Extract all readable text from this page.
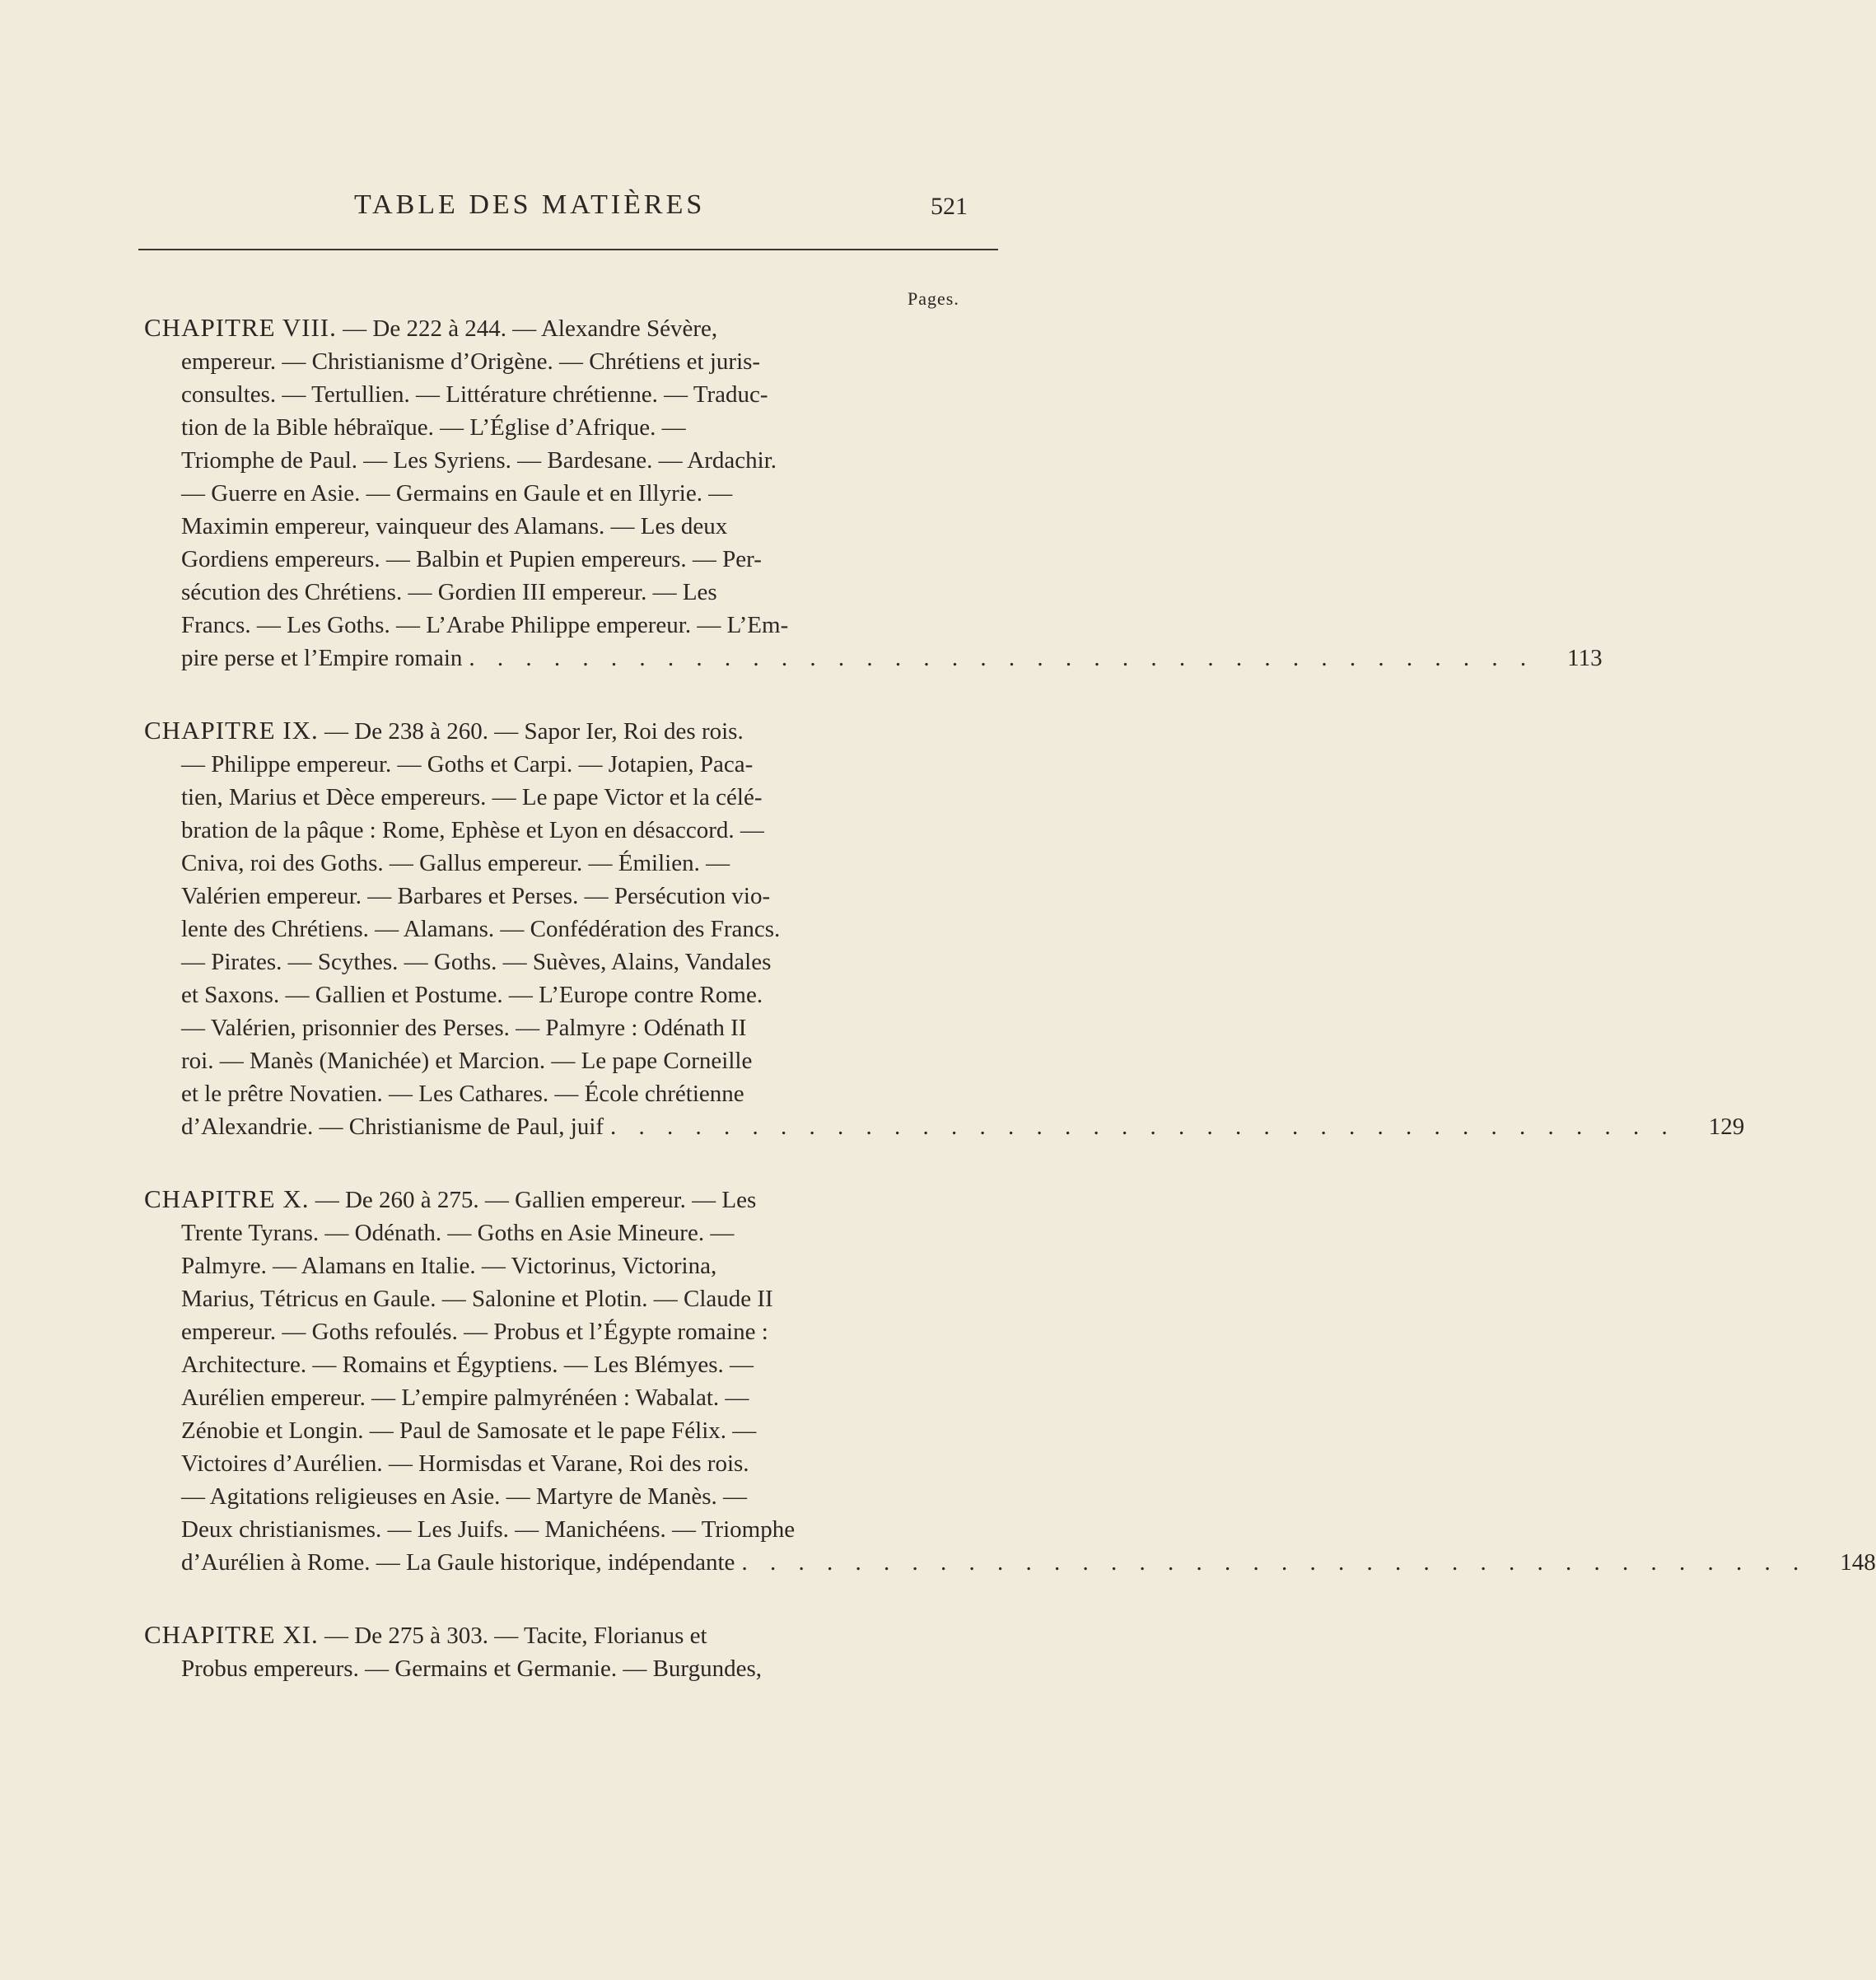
TABLE DES MATIÈRES	521
Pages.

CHAPITRE VIII. — De 222 à 244. — Alexandre Sévère,
empereur. — Christianisme d’Origène. — Chrétiens et juris-
consultes. — Tertullien. — Littérature chrétienne. — Traduc-
tion de la Bible hébraïque. — L’Église d’Afrique. —
Triomphe de Paul. — Les Syriens. — Bardesane. — Ardachir.
— Guerre en Asie. — Germains en Gaule et en Illyrie. —
Maximin empereur, vainqueur des Alamans. — Les deux
Gordiens empereurs. — Balbin et Pupien empereurs. — Per-
sécution des Chrétiens. — Gordien III empereur. — Les
Francs. — Les Goths. — L’Arabe Philippe empereur. — L’Em-

pire perse et l’Empire romain . . . . . . . . . . . . . . . . . . . . . . . . . . . . . . . . . . . . . . 113

CHAPITRE IX. — De 238 à 260. — Sapor Ier, Roi des rois.
— Philippe empereur. — Goths et Carpi. — Jotapien, Paca-
tien, Marius et Dèce empereurs. — Le pape Victor et la célé-
bration de la pâque : Rome, Ephèse et Lyon en désaccord. —
Cniva, roi des Goths. — Gallus empereur. — Émilien. —
Valérien empereur. — Barbares et Perses. — Persécution vio-
lente des Chrétiens. — Alamans. — Confédération des Francs.
— Pirates. — Scythes. — Goths. — Suèves, Alains, Vandales
et Saxons. — Gallien et Postume. — L’Europe contre Rome.
— Valérien, prisonnier des Perses. — Palmyre : Odénath II
roi. — Manès (Manichée) et Marcion. — Le pape Corneille
et le prêtre Novatien. — Les Cathares. — École chrétienne

d’Alexandrie. — Christianisme de Paul, juif . . . . . . . . . . . . . . . . . . . . . . . . . . . . . . . . . . . . . . 129

CHAPITRE X. — De 260 à 275. — Gallien empereur. — Les
Trente Tyrans. — Odénath. — Goths en Asie Mineure. —
Palmyre. — Alamans en Italie. — Victorinus, Victorina,
Marius, Tétricus en Gaule. — Salonine et Plotin. — Claude II
empereur. — Goths refoulés. — Probus et l’Égypte romaine :
Architecture. — Romains et Égyptiens. — Les Blémyes. —
Aurélien empereur. — L’empire palmyrénéen : Wabalat. —
Zénobie et Longin. — Paul de Samosate et le pape Félix. —
Victoires d’Aurélien. — Hormisdas et Varane, Roi des rois.
— Agitations religieuses en Asie. — Martyre de Manès. —
Deux christianismes. — Les Juifs. — Manichéens. — Triomphe

d’Aurélien à Rome. — La Gaule historique, indépendante . . . . . . . . . . . . . . . . . . . . . . . . . . . . . . . . . . . . . . 148

CHAPITRE XI. — De 275 à 303. — Tacite, Florianus et
Probus empereurs. — Germains et Germanie. — Burgundes,
